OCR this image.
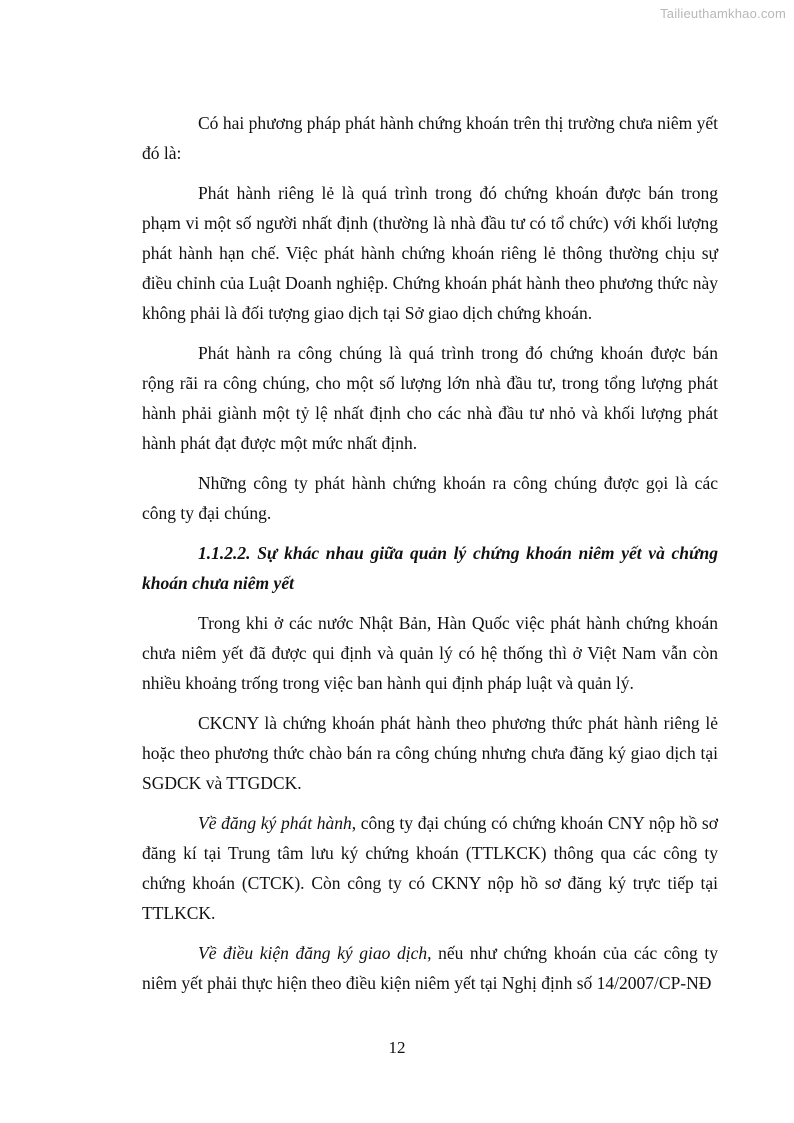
Tailieuthamkhao.com

Có hai phương pháp phát hành chứng khoán trên thị trường chưa niêm yết đó là:

Phát hành riêng lẻ là quá trình trong đó chứng khoán được bán trong phạm vi một số người nhất định (thường là nhà đầu tư có tổ chức) với khối lượng phát hành hạn chế. Việc phát hành chứng khoán riêng lẻ thông thường chịu sự điều chỉnh của Luật Doanh nghiệp. Chứng khoán phát hành theo phương thức này không phải là đối tượng giao dịch tại Sở giao dịch chứng khoán.

Phát hành ra công chúng là quá trình trong đó chứng khoán được bán rộng rãi ra công chúng, cho một số lượng lớn nhà đầu tư, trong tổng lượng phát hành phải giành một tỷ lệ nhất định cho các nhà đầu tư nhỏ và khối lượng phát hành phát đạt được một mức nhất định.

Những công ty phát hành chứng khoán ra công chúng được gọi là các công ty đại chúng.

1.1.2.2. Sự khác nhau giữa quản lý chứng khoán niêm yết và chứng khoán chưa niêm yết

Trong khi ở các nước Nhật Bản, Hàn Quốc việc phát hành chứng khoán chưa niêm yết đã được qui định và quản lý có hệ thống thì ở Việt Nam vẫn còn nhiều khoảng trống trong việc ban hành qui định pháp luật và quản lý.

CKCNY là chứng khoán phát hành theo phương thức phát hành riêng lẻ hoặc theo phương thức chào bán ra công chúng nhưng chưa đăng ký giao dịch tại SGDCK và TTGDCK.

Về đăng ký phát hành, công ty đại chúng có chứng khoán CNY nộp hồ sơ đăng kí tại Trung tâm lưu ký chứng khoán (TTLKCK) thông qua các công ty chứng khoán (CTCK). Còn công ty có CKNY nộp hồ sơ đăng ký trực tiếp tại TTLKCK.

Về điều kiện đăng ký giao dịch, nếu như chứng khoán của các công ty niêm yết phải thực hiện theo điều kiện niêm yết tại Nghị định số 14/2007/CP-NĐ

12
